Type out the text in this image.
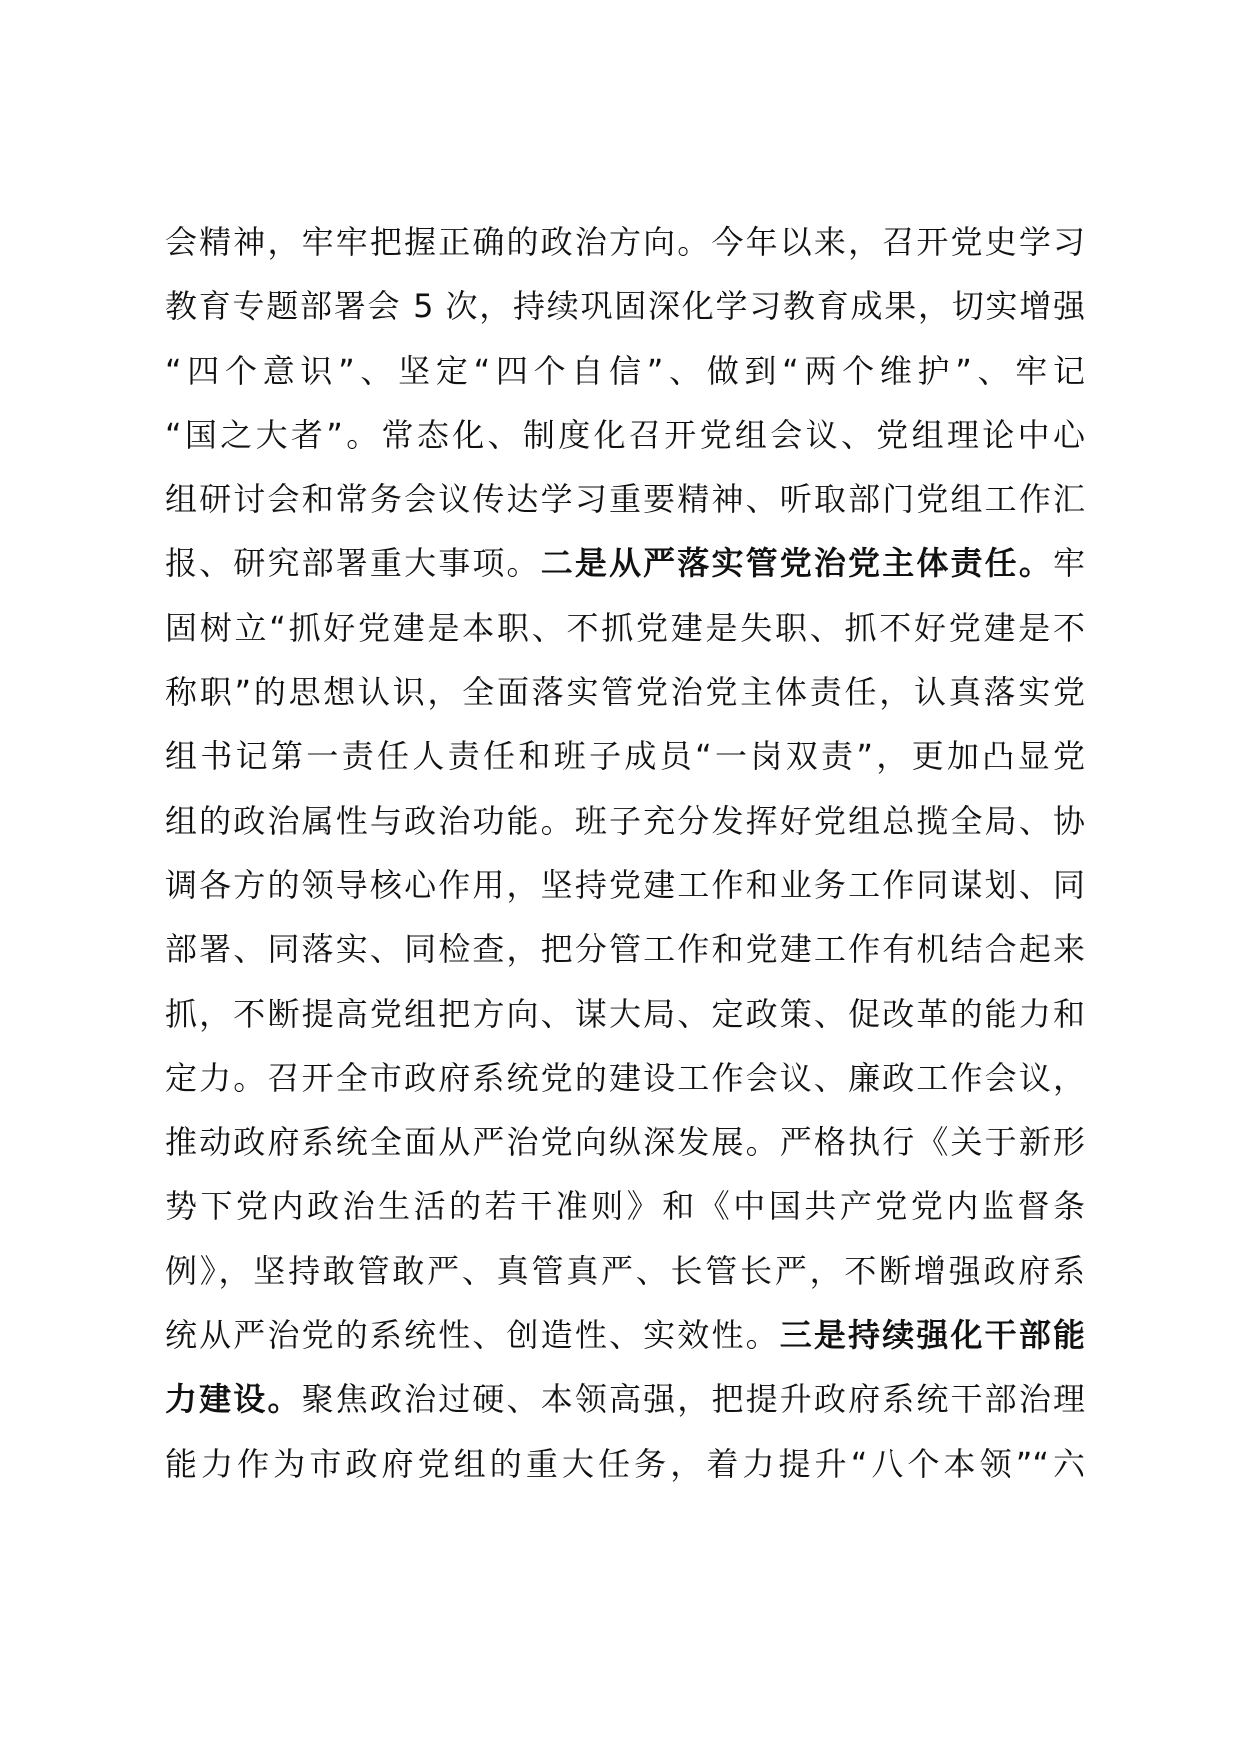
会精神，牢牢把握正确的政治方向。今年以来，召开党史学习
教育专题部署会 5 次，持续巩固深化学习教育成果，切实增强
“四个意识”、坚定“四个自信”、做到“两个维护”、牢记
“国之大者”。常态化、制度化召开党组会议、党组理论中心
组研讨会和常务会议传达学习重要精神、听取部门党组工作汇
报、研究部署重大事项。二是从严落实管党治党主体责任。牢
固树立“抓好党建是本职、不抓党建是失职、抓不好党建是不
称职”的思想认识，全面落实管党治党主体责任，认真落实党
组书记第一责任人责任和班子成员“一岗双责”，更加凸显党
组的政治属性与政治功能。班子充分发挥好党组总揽全局、协
调各方的领导核心作用，坚持党建工作和业务工作同谋划、同
部署、同落实、同检查，把分管工作和党建工作有机结合起来
抓，不断提高党组把方向、谋大局、定政策、促改革的能力和
定力。召开全市政府系统党的建设工作会议、廉政工作会议，
推动政府系统全面从严治党向纵深发展。严格执行《关于新形
势下党内政治生活的若干准则》和《中国共产党党内监督条
例》，坚持敢管敢严、真管真严、长管长严，不断增强政府系
统从严治党的系统性、创造性、实效性。三是持续强化干部能
力建设。聚焦政治过硬、本领高强，把提升政府系统干部治理
能力作为市政府党组的重大任务，着力提升“八个本领”“六
